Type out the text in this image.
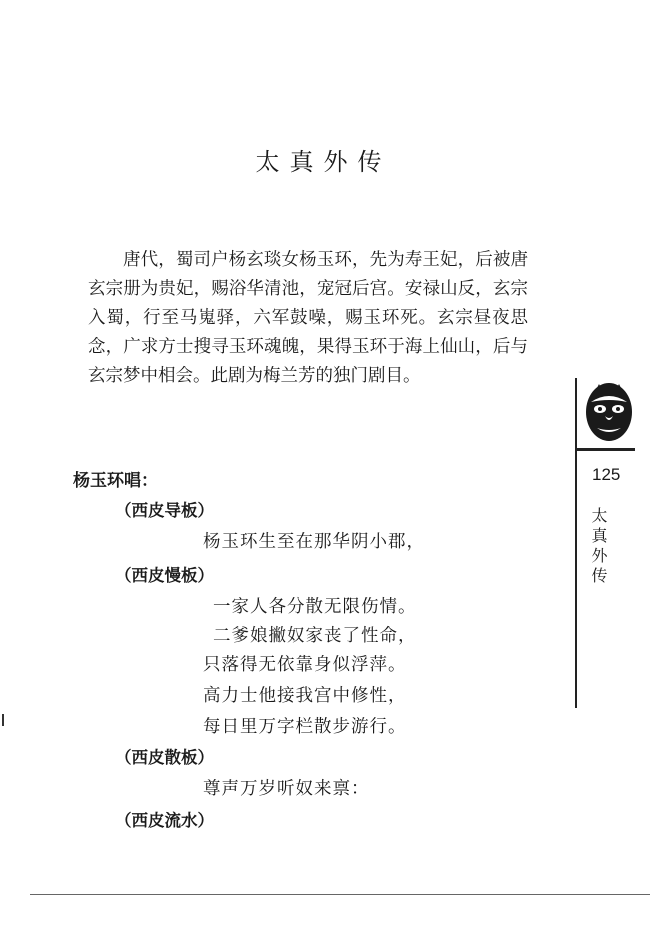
太真外传

唐代，蜀司户杨玄琰女杨玉环，先为寿王妃，后被唐玄宗册为贵妃，赐浴华清池，宠冠后宫。安禄山反，玄宗入蜀，行至马嵬驿，六军鼓噪，赐玉环死。玄宗昼夜思念，广求方士搜寻玉环魂魄，果得玉环于海上仙山，后与玄宗梦中相会。此剧为梅兰芳的独门剧目。

杨玉环唱：
（西皮导板）
杨玉环生至在那华阴小郡，
（西皮慢板）
一家人各分散无限伤情。
二爹娘撇奴家丧了性命，
只落得无依靠身似浮萍。
高力士他接我宫中修性，
每日里万字栏散步游行。
（西皮散板）
尊声万岁听奴来禀：
（西皮流水）
125
太真外传
